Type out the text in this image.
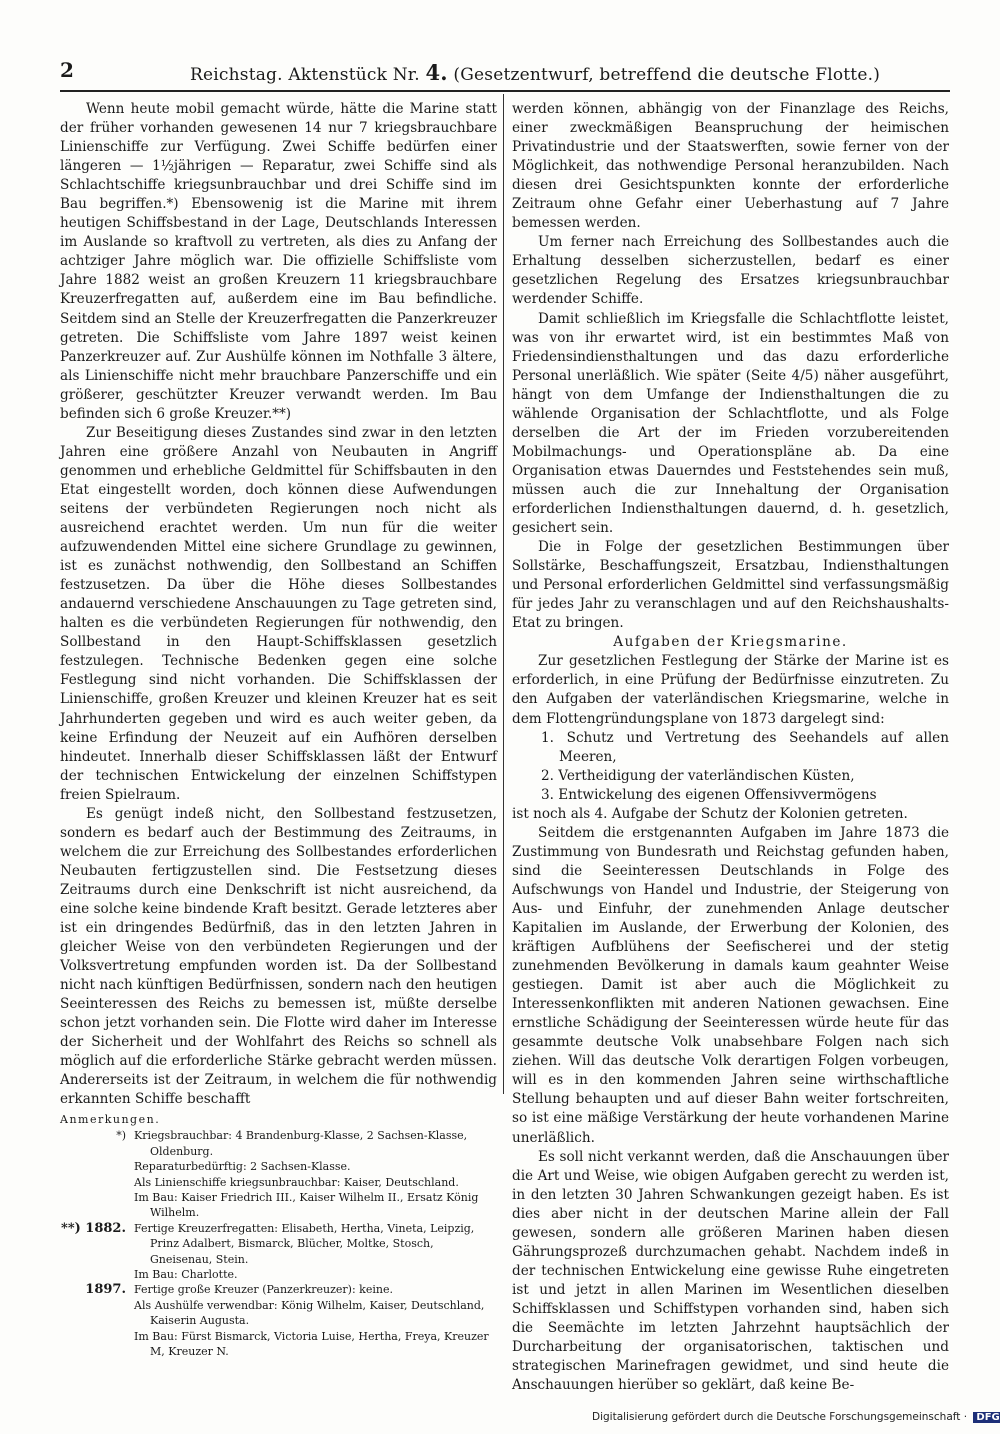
2	Reichstag. Aktenstück Nr. 4. (Gesetzentwurf, betreffend die deutsche Flotte.)

Wenn heute mobil gemacht würde, hätte die Marine statt der früher vorhanden gewesenen 14 nur 7 kriegsbrauchbare Linienschiffe zur Verfügung. Zwei Schiffe bedürfen einer längeren — 1½jährigen — Reparatur, zwei Schiffe sind als Schlachtschiffe kriegsunbrauchbar und drei Schiffe sind im Bau begriffen.*) Ebensowenig ist die Marine mit ihrem heutigen Schiffsbestand in der Lage, Deutschlands Interessen im Auslande so kraftvoll zu vertreten, als dies zu Anfang der achtziger Jahre möglich war. Die offizielle Schiffsliste vom Jahre 1882 weist an großen Kreuzern 11 kriegsbrauchbare Kreuzerfregatten auf, außerdem eine im Bau befindliche. Seitdem sind an Stelle der Kreuzerfregatten die Panzerkreuzer getreten. Die Schiffsliste vom Jahre 1897 weist keinen Panzerkreuzer auf. Zur Aushülfe können im Nothfalle 3 ältere, als Linienschiffe nicht mehr brauchbare Panzerschiffe und ein größerer, geschützter Kreuzer verwandt werden. Im Bau befinden sich 6 große Kreuzer.**)

Zur Beseitigung dieses Zustandes sind zwar in den letzten Jahren eine größere Anzahl von Neubauten in Angriff genommen und erhebliche Geldmittel für Schiffsbauten in den Etat eingestellt worden, doch können diese Aufwendungen seitens der verbündeten Regierungen noch nicht als ausreichend erachtet werden. Um nun für die weiter aufzuwendenden Mittel eine sichere Grundlage zu gewinnen, ist es zunächst nothwendig, den Sollbestand an Schiffen festzusetzen. Da über die Höhe dieses Sollbestandes andauernd verschiedene Anschauungen zu Tage getreten sind, halten es die verbündeten Regierungen für nothwendig, den Sollbestand in den Haupt-Schiffsklassen gesetzlich festzulegen. Technische Bedenken gegen eine solche Festlegung sind nicht vorhanden. Die Schiffsklassen der Linienschiffe, großen Kreuzer und kleinen Kreuzer hat es seit Jahrhunderten gegeben und wird es auch weiter geben, da keine Erfindung der Neuzeit auf ein Aufhören derselben hindeutet. Innerhalb dieser Schiffsklassen läßt der Entwurf der technischen Entwickelung der einzelnen Schiffstypen freien Spielraum.

Es genügt indeß nicht, den Sollbestand festzusetzen, sondern es bedarf auch der Bestimmung des Zeitraums, in welchem die zur Erreichung des Sollbestandes erforderlichen Neubauten fertigzustellen sind. Die Festsetzung dieses Zeitraums durch eine Denkschrift ist nicht ausreichend, da eine solche keine bindende Kraft besitzt. Gerade letzteres aber ist ein dringendes Bedürfniß, das in den letzten Jahren in gleicher Weise von den verbündeten Regierungen und der Volksvertretung empfunden worden ist. Da der Sollbestand nicht nach künftigen Bedürfnissen, sondern nach den heutigen Seeinteressen des Reichs zu bemessen ist, müßte derselbe schon jetzt vorhanden sein. Die Flotte wird daher im Interesse der Sicherheit und der Wohlfahrt des Reichs so schnell als möglich auf die erforderliche Stärke gebracht werden müssen. Andererseits ist der Zeitraum, in welchem die für nothwendig erkannten Schiffe beschafft

werden können, abhängig von der Finanzlage des Reichs, einer zweckmäßigen Beanspruchung der heimischen Privatindustrie und der Staatswerften, sowie ferner von der Möglichkeit, das nothwendige Personal heranzubilden. Nach diesen drei Gesichtspunkten konnte der erforderliche Zeitraum ohne Gefahr einer Ueberhastung auf 7 Jahre bemessen werden.

Um ferner nach Erreichung des Sollbestandes auch die Erhaltung desselben sicherzustellen, bedarf es einer gesetzlichen Regelung des Ersatzes kriegsunbrauchbar werdender Schiffe.

Damit schließlich im Kriegsfalle die Schlachtflotte leistet, was von ihr erwartet wird, ist ein bestimmtes Maß von Friedensindiensthaltungen und das dazu erforderliche Personal unerläßlich. Wie später (Seite 4/5) näher ausgeführt, hängt von dem Umfange der Indiensthaltungen die zu wählende Organisation der Schlachtflotte, und als Folge derselben die Art der im Frieden vorzubereitenden Mobilmachungs- und Operationspläne ab. Da eine Organisation etwas Dauerndes und Feststehendes sein muß, müssen auch die zur Innehaltung der Organisation erforderlichen Indiensthaltungen dauernd, d. h. gesetzlich, gesichert sein.

Die in Folge der gesetzlichen Bestimmungen über Sollstärke, Beschaffungszeit, Ersatzbau, Indiensthaltungen und Personal erforderlichen Geldmittel sind verfassungsmäßig für jedes Jahr zu veranschlagen und auf den Reichshaushalts-Etat zu bringen.

Aufgaben der Kriegsmarine.

Zur gesetzlichen Festlegung der Stärke der Marine ist es erforderlich, in eine Prüfung der Bedürfnisse einzutreten. Zu den Aufgaben der vaterländischen Kriegsmarine, welche in dem Flottengründungsplane von 1873 dargelegt sind:

1. Schutz und Vertretung des Seehandels auf allen Meeren,
2. Vertheidigung der vaterländischen Küsten,
3. Entwickelung des eigenen Offensivvermögens

ist noch als 4. Aufgabe der Schutz der Kolonien getreten.

Seitdem die erstgenannten Aufgaben im Jahre 1873 die Zustimmung von Bundesrath und Reichstag gefunden haben, sind die Seeinteressen Deutschlands in Folge des Aufschwungs von Handel und Industrie, der Steigerung von Aus- und Einfuhr, der zunehmenden Anlage deutscher Kapitalien im Auslande, der Erwerbung der Kolonien, des kräftigen Aufblühens der Seefischerei und der stetig zunehmenden Bevölkerung in damals kaum geahnter Weise gestiegen. Damit ist aber auch die Möglichkeit zu Interessenkonflikten mit anderen Nationen gewachsen. Eine ernstliche Schädigung der Seeinteressen würde heute für das gesammte deutsche Volk unabsehbare Folgen nach sich ziehen. Will das deutsche Volk derartigen Folgen vorbeugen, will es in den kommenden Jahren seine wirthschaftliche Stellung behaupten und auf dieser Bahn weiter fortschreiten, so ist eine mäßige Verstärkung der heute vorhandenen Marine unerläßlich.

Es soll nicht verkannt werden, daß die Anschauungen über die Art und Weise, wie obigen Aufgaben gerecht zu werden ist, in den letzten 30 Jahren Schwankungen gezeigt haben. Es ist dies aber nicht in der deutschen Marine allein der Fall gewesen, sondern alle größeren Marinen haben diesen Gährungsprozeß durchzumachen gehabt. Nachdem indeß in der technischen Entwickelung eine gewisse Ruhe eingetreten ist und jetzt in allen Marinen im Wesentlichen dieselben Schiffsklassen und Schiffstypen vorhanden sind, haben sich die Seemächte im letzten Jahrzehnt hauptsächlich der Durcharbeitung der organisatorischen, taktischen und strategischen Marinefragen gewidmet, und sind heute die Anschauungen hierüber so geklärt, daß keine Be-

Anmerkungen.
*) Kriegsbrauchbar: 4 Brandenburg-Klasse, 2 Sachsen-Klasse, Oldenburg.
Reparaturbedürftig: 2 Sachsen-Klasse.
Als Linienschiffe kriegsunbrauchbar: Kaiser, Deutschland.
Im Bau: Kaiser Friedrich III., Kaiser Wilhelm II., Ersatz König Wilhelm.
**) 1882. Fertige Kreuzerfregatten: Elisabeth, Hertha, Vineta, Leipzig, Prinz Adalbert, Bismarck, Blücher, Moltke, Stosch, Gneisenau, Stein.
Im Bau: Charlotte.
1897. Fertige große Kreuzer (Panzerkreuzer): keine.
Als Aushülfe verwendbar: König Wilhelm, Kaiser, Deutschland, Kaiserin Augusta.
Im Bau: Fürst Bismarck, Victoria Luise, Hertha, Freya, Kreuzer M, Kreuzer N.
Digitalisierung gefördert durch die Deutsche Forschungsgemeinschaft · DFG
